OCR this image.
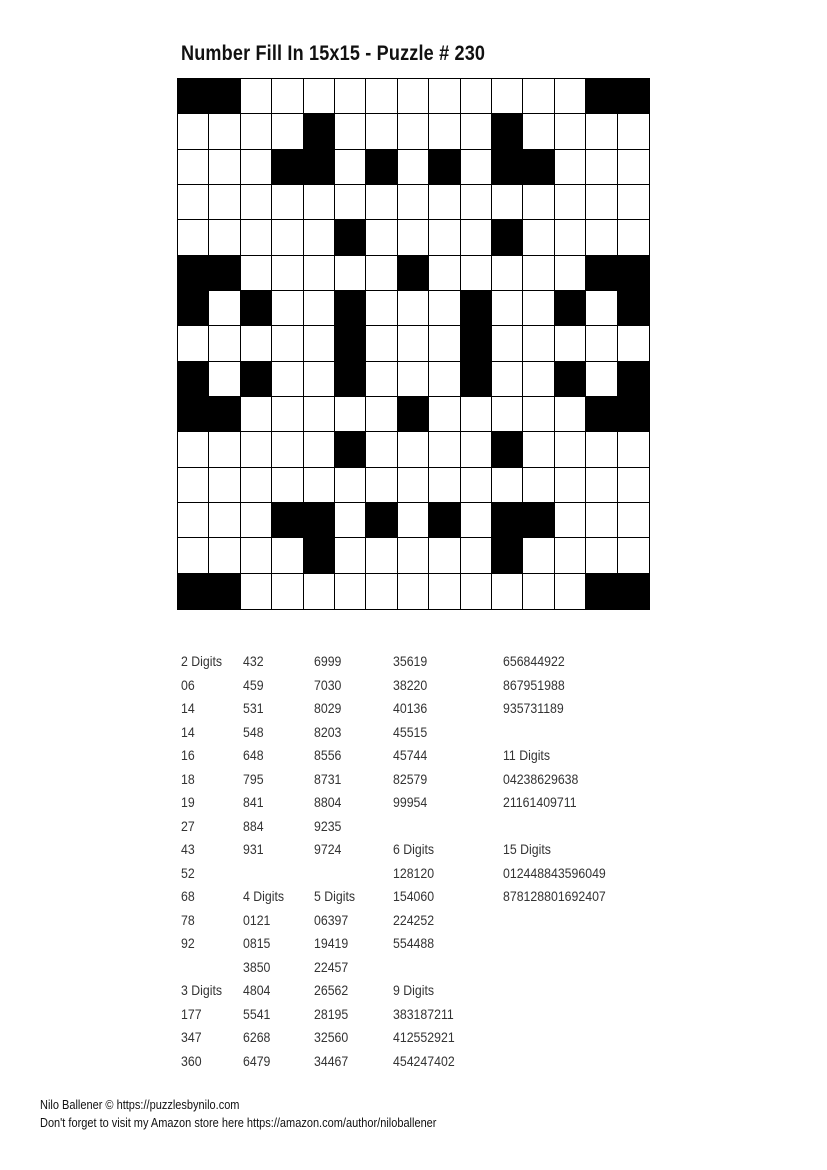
Number Fill In 15x15 - Puzzle # 230
2 Digits
06
14
14
16
18
19
27
43
52
68
78
92
3 Digits
177
347
360
432
459
531
548
648
795
841
884
931
4 Digits
0121
0815
3850
4804
5541
6268
6479
6999
7030
8029
8203
8556
8731
8804
9235
9724
5 Digits
06397
19419
22457
26562
28195
32560
34467
35619
38220
40136
45515
45744
82579
99954
6 Digits
128120
154060
224252
554488
9 Digits
383187211
412552921
454247402
656844922
867951988
935731189
11 Digits
04238629638
21161409711
15 Digits
012448843596049
878128801692407
Nilo Ballener © https://puzzlesbynilo.com
Don't forget to visit my Amazon store here https://amazon.com/author/niloballener
